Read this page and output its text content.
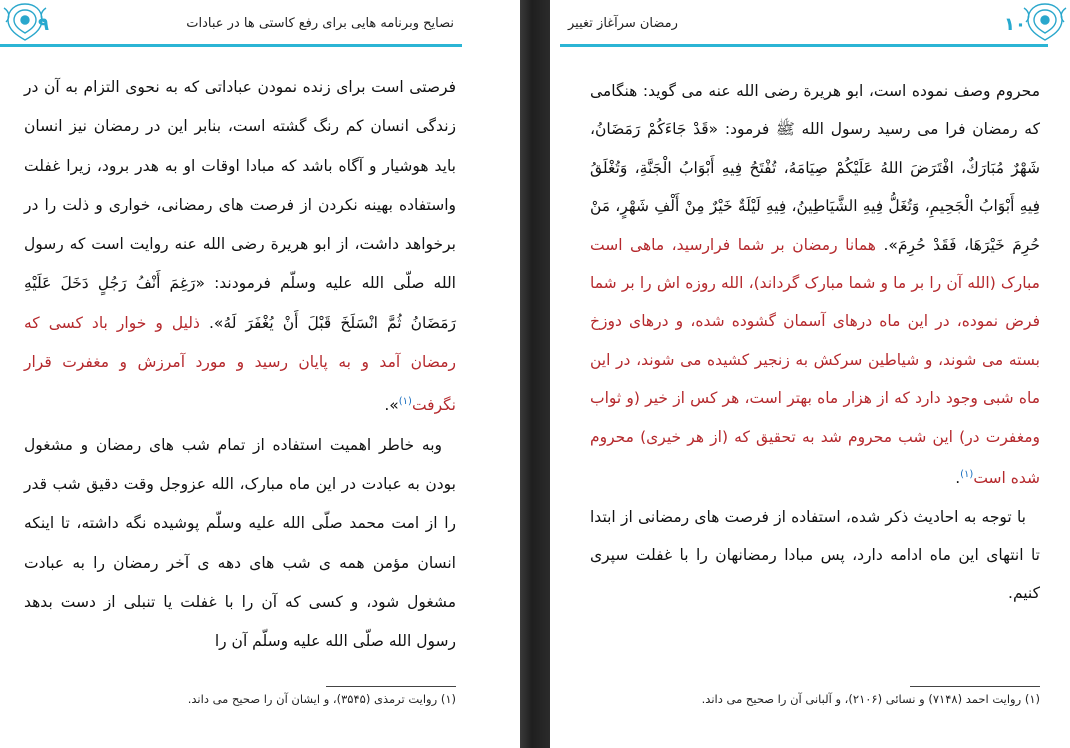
۹	نصایح وبرنامه هایی برای رفع کاستی ها در عبادات

فرصتی است برای زنده نمودن عباداتی که به نحوی التزام به آن در زندگی انسان کم رنگ گشته است، بنابر این در رمضان نیز انسان باید هوشیار و آگاه باشد که مبادا اوقات او به هدر برود، زیرا غفلت واستفاده بهینه نکردن از فرصت های رمضانی، خواری و ذلت را در برخواهد داشت، از ابو هریرة رضی الله عنه روایت است که رسول الله صلّی الله علیه وسلّم فرمودند: «رَغِمَ أَنْفُ رَجُلٍ دَخَلَ عَلَيْهِ رَمَضَانُ ثُمَّ انْسَلَخَ قَبْلَ أَنْ يُغْفَرَ لَهُ». ذلیل و خوار باد کسی که رمضان آمد و به پایان رسید و مورد آمرزش و مغفرت قرار نگرفت$^{(۱)}$».

وبه خاطر اهمیت استفاده از تمام شب های رمضان و مشغول بودن به عبادت در این ماه مبارک، الله عزوجل وقت دقیق شب قدر را از امت محمد صلّی الله علیه وسلّم پوشیده نگه داشته، تا اینکه انسان مؤمن همه ی شب های دهه ی آخر رمضان را به عبادت مشغول شود، و کسی که آن را با غفلت یا تنبلی از دست بدهد رسول الله صلّی الله علیه وسلّم آن را

(۱) روایت ترمذی (۳۵۴۵)، و ایشان آن را صحیح می داند.
۱۰
رمضان سرآغاز تغییر

محروم وصف نموده است، ابو هریرة رضی الله عنه می گوید: هنگامی که رمضان فرا می رسید رسول الله ﷺ فرمود: «قَدْ جَاءَكُمْ رَمَضَانُ، شَهْرٌ مُبَارَكٌ، افْتَرَضَ اللهُ عَلَيْكُمْ صِيَامَهُ، تُفْتَحُ فِيهِ أَبْوَابُ الْجَنَّةِ، وَتُغْلَقُ فِيهِ أَبْوَابُ الْجَحِيمِ، وَتُغَلُّ فِيهِ الشَّيَاطِينُ، فِيهِ لَيْلَةٌ خَيْرٌ مِنْ أَلْفِ شَهْرٍ، مَنْ حُرِمَ خَيْرَهَا، فَقَدْ حُرِمَ». همانا رمضان بر شما فرارسید، ماهی است مبارک (الله آن را بر ما و شما مبارک گرداند)، الله روزه اش را بر شما فرض نموده، در این ماه درهای آسمان گشوده شده، و درهای دوزخ بسته می شوند، و شیاطین سرکش به زنجیر کشیده می شوند، در این ماه شبی وجود دارد که از هزار ماه بهتر است، هر کس از خیر (و ثواب ومغفرت در) این شب محروم شد به تحقیق که (از هر خیری) محروم شده است$^{(۱)}$.

با توجه به احادیث ذکر شده، استفاده از فرصت های رمضانی از ابتدا تا انتهای این ماه ادامه دارد، پس مبادا رمضانهان را با غفلت سپری کنیم.

(۱) روایت احمد (۷۱۴۸) و نسائی (۲۱۰۶)، و آلبانی آن را صحیح می داند.
